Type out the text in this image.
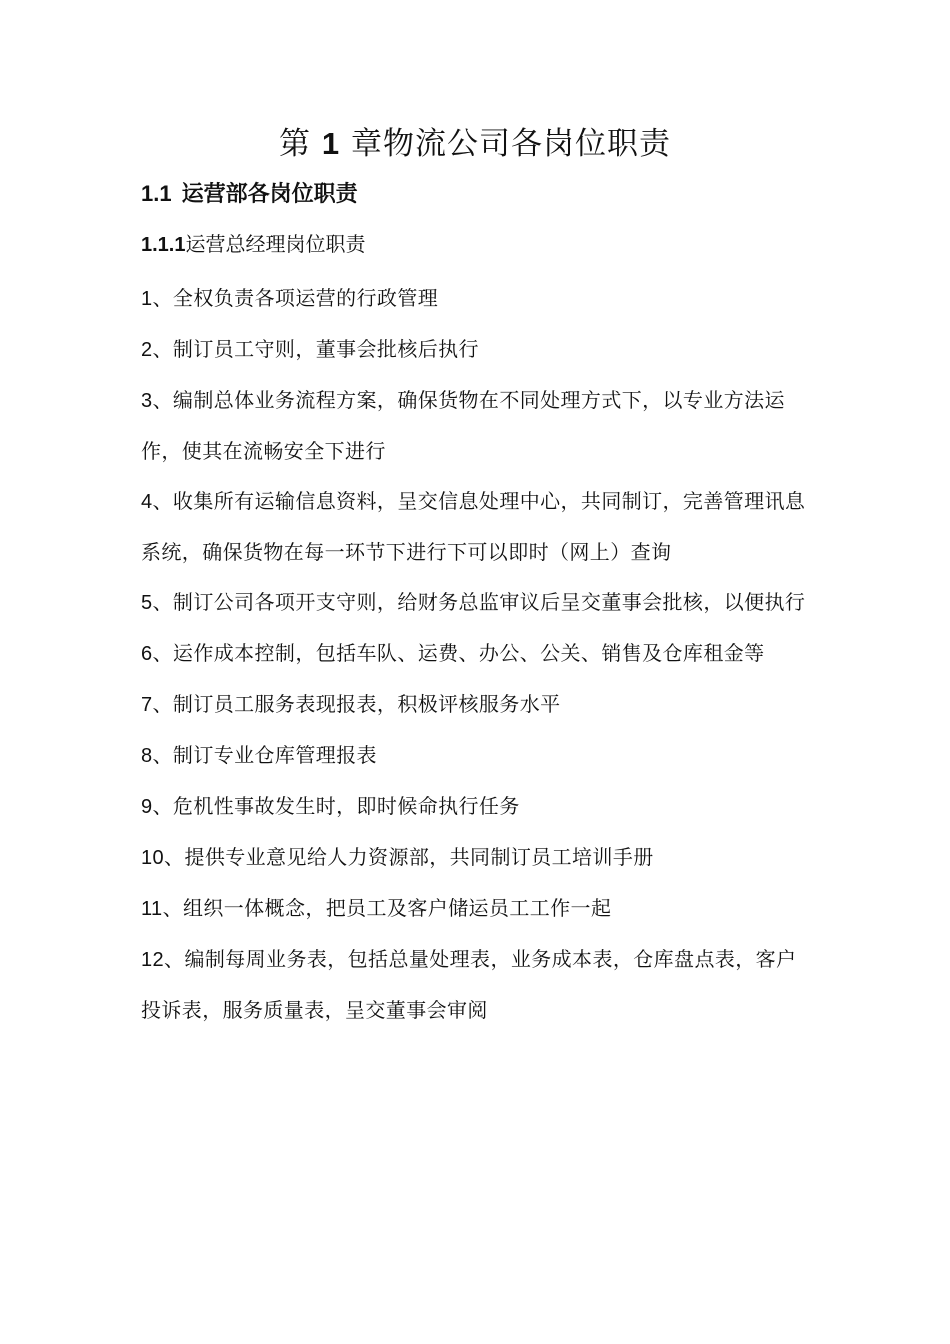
第 1 章物流公司各岗位职责
1.1 运营部各岗位职责
1.1.1运营总经理岗位职责
1、全权负责各项运营的行政管理
2、制订员工守则，董事会批核后执行
3、编制总体业务流程方案，确保货物在不同处理方式下，以专业方法运作，使其在流畅安全下进行
4、收集所有运输信息资料，呈交信息处理中心，共同制订，完善管理讯息系统，确保货物在每一环节下进行下可以即时（网上）查询
5、制订公司各项开支守则，给财务总监审议后呈交董事会批核，以便执行
6、运作成本控制，包括车队、运费、办公、公关、销售及仓库租金等
7、制订员工服务表现报表，积极评核服务水平
8、制订专业仓库管理报表
9、危机性事故发生时，即时候命执行任务
10、提供专业意见给人力资源部，共同制订员工培训手册
11、组织一体概念，把员工及客户储运员工工作一起
12、编制每周业务表，包括总量处理表，业务成本表，仓库盘点表，客户投诉表，服务质量表，呈交董事会审阅
